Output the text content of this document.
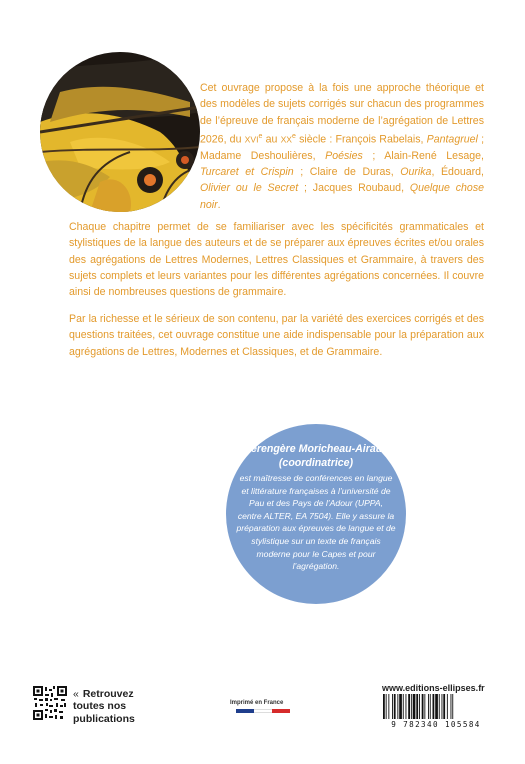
Cet ouvrage propose à la fois une approche théorique et des modèles de sujets corrigés sur chacun des programmes de l’épreuve de français moderne de l’agrégation de Lettres 2026, du XVIe au XXe siècle : François Rabelais, Pantagruel ; Madame Deshoulières, Poésies ; Alain-René Lesage, Turcaret et Crispin ; Claire de Duras, Ourika, Édouard, Olivier ou le Secret ; Jacques Roubaud, Quelque chose noir.

Chaque chapitre permet de se familiariser avec les spécificités grammaticales et stylistiques de la langue des auteurs et de se préparer aux épreuves écrites et/ou orales des agrégations de Lettres Modernes, Lettres Classiques et Grammaire, à travers des sujets complets et leurs variantes pour les différentes agrégations concernées. Il couvre ainsi de nombreuses questions de grammaire.

Par la richesse et le sérieux de son contenu, par la variété des exercices corrigés et des questions traitées, cet ouvrage constitue une aide indispensable pour la préparation aux agrégations de Lettres, Modernes et Classiques, et de Grammaire.

Bérengère Moricheau-Airaud (coordinatrice)
est maîtresse de conférences en langue et littérature françaises à l’université de Pau et des Pays de l’Adour (UPPA, centre ALTER, EA 7504). Elle y assure la préparation aux épreuves de langue et de stylistique sur un texte de français moderne pour le Capes et pour l’agrégation.
« Retrouvez
toutes nos
publications
Imprimé en France
www.editions-ellipses.fr
9 782340 105584
